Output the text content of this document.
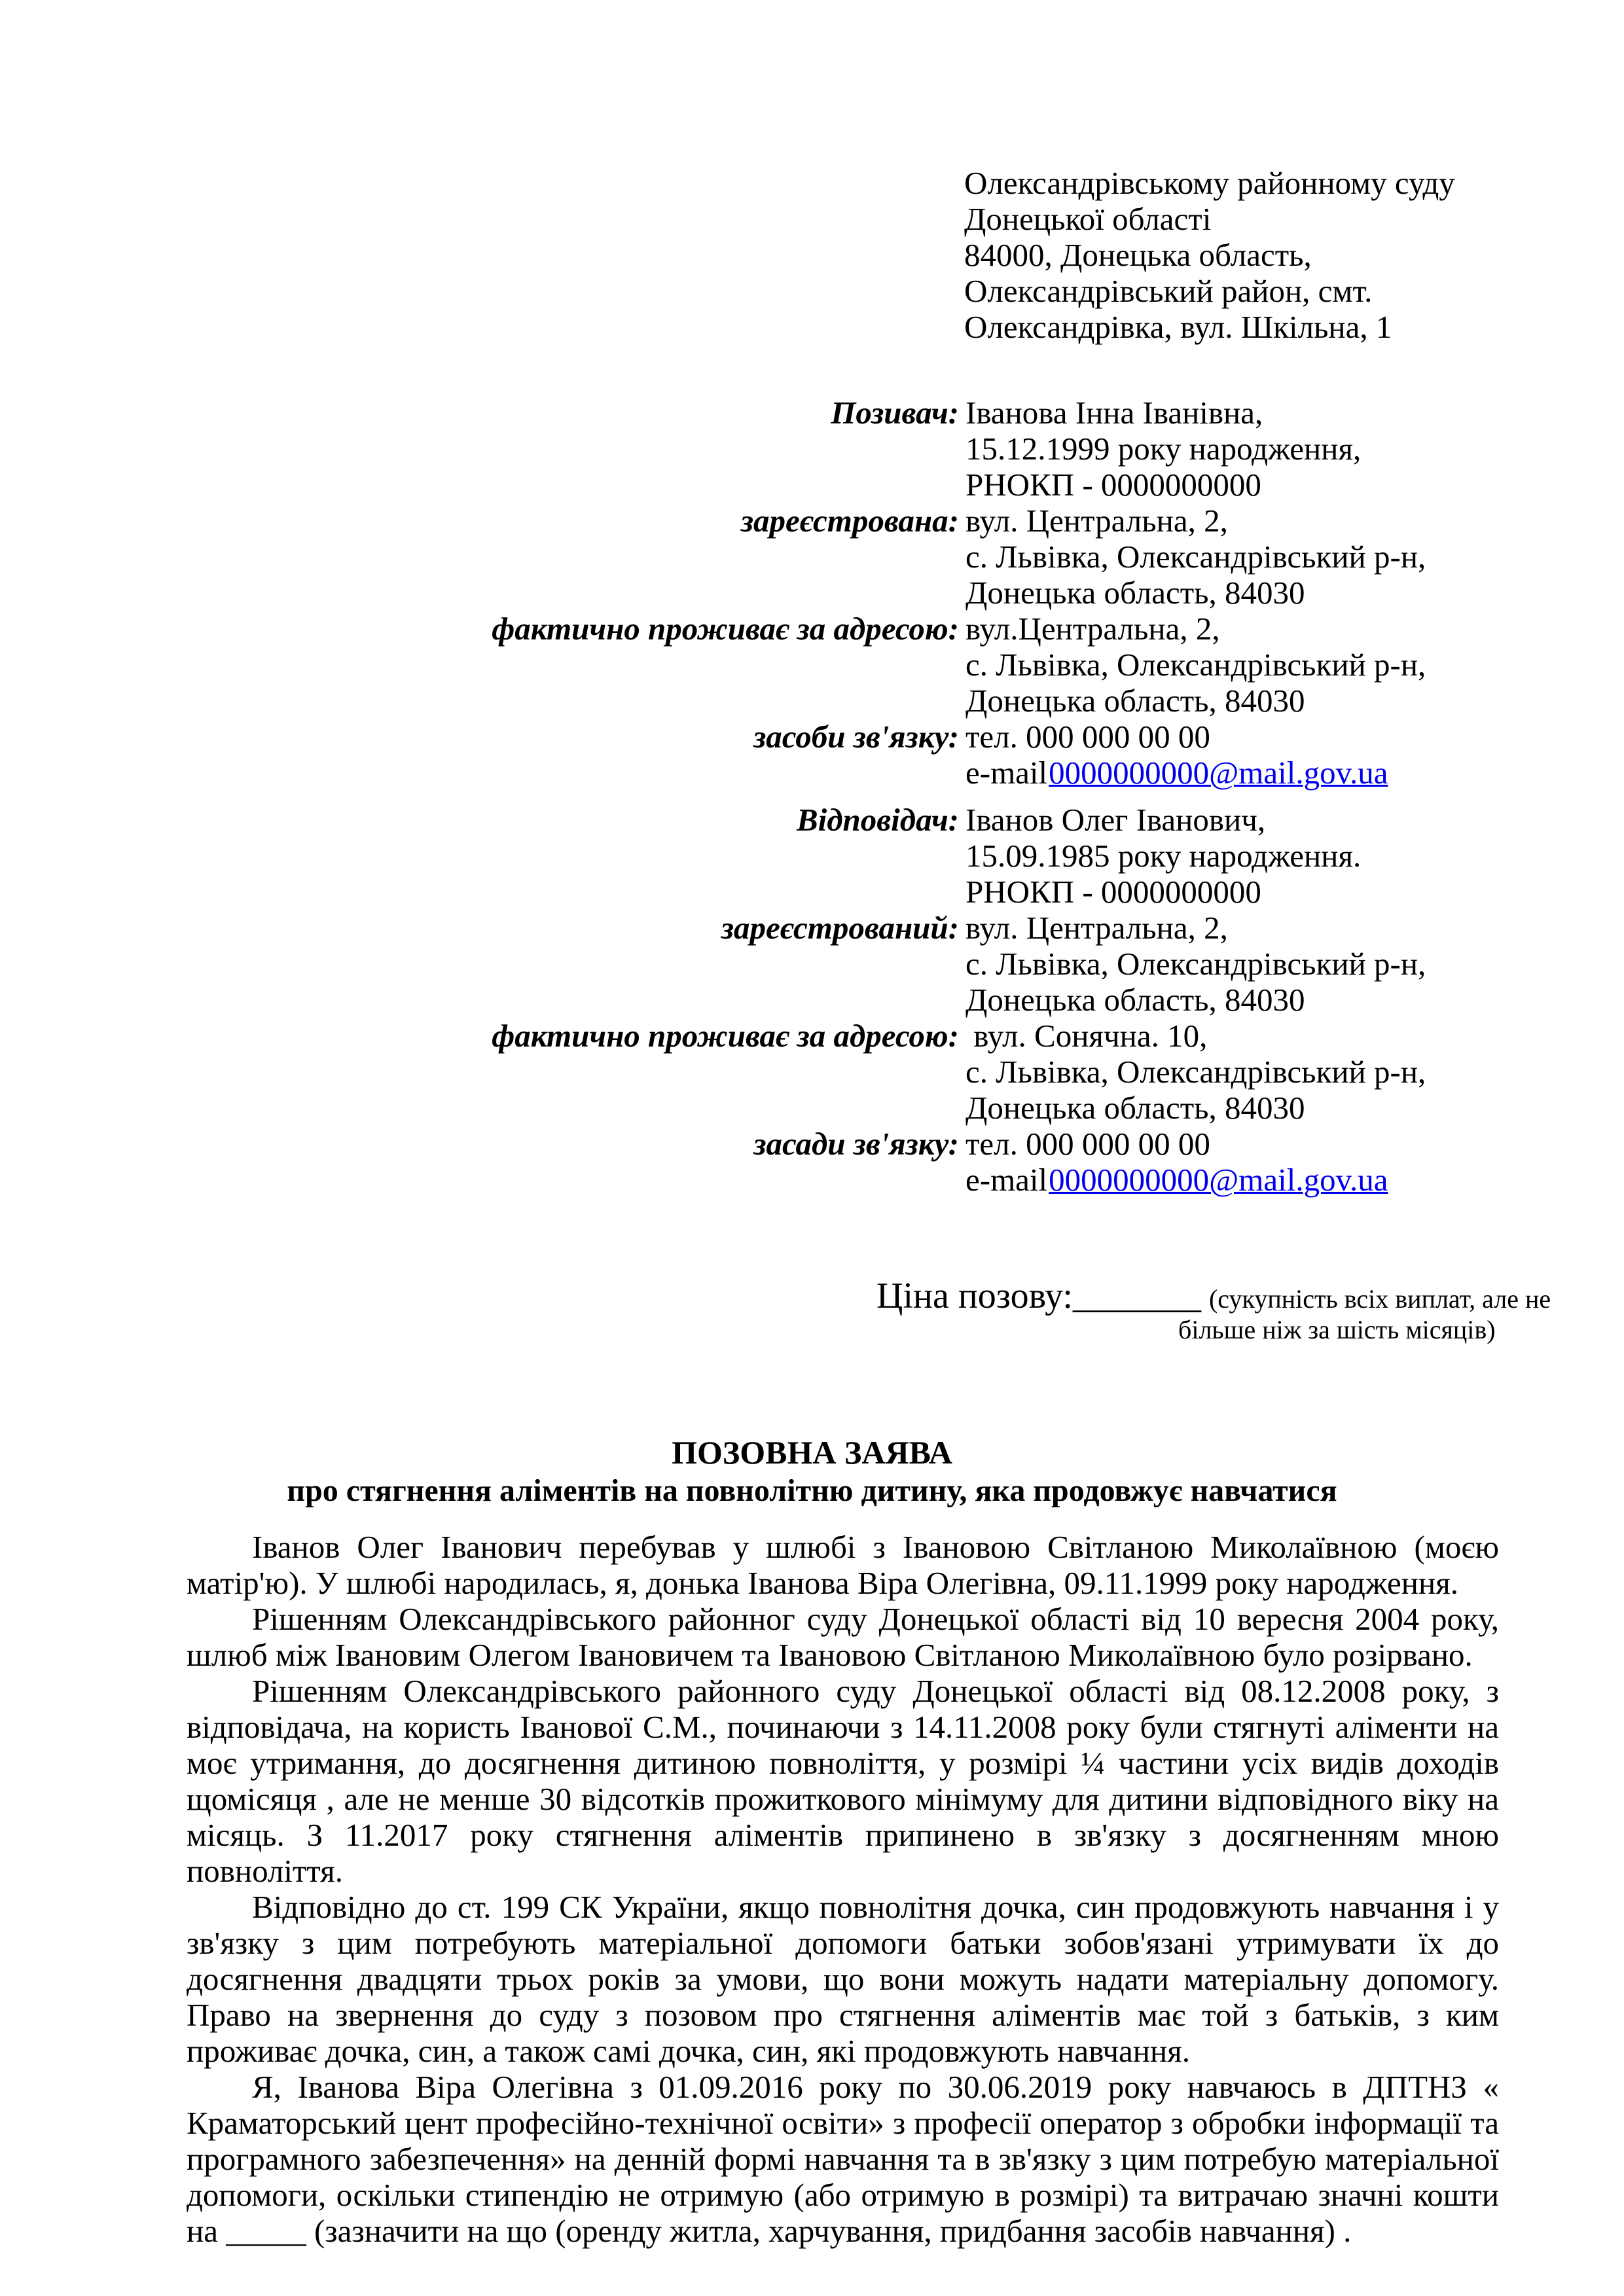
Олександрівському районному суду
Донецької області
84000, Донецька область,
Олександрівський район, смт.
Олександрівка, вул. Шкільна, 1
Позивач: Іванова Інна Іванівна,
15.12.1999 року народження,
РНОКП - 0000000000
зареєстрована: вул. Центральна, 2,
с. Львівка, Олександрівський р-н,
Донецька область, 84030
фактично проживає за адресою: вул.Центральна, 2,
с. Львівка, Олександрівський р-н,
Донецька область, 84030
засоби зв'язку: тел. 000 000 00 00
e-mail 0000000000@mail.gov.ua
Відповідач: Іванов Олег Іванович,
15.09.1985 року народження.
РНОКП - 0000000000
зареєстрований: вул. Центральна, 2,
с. Львівка, Олександрівський р-н,
Донецька область, 84030
фактично проживає за адресою: вул. Сонячна. 10,
с. Львівка, Олександрівський р-н,
Донецька область, 84030
засади зв'язку: тел. 000 000 00 00
e-mail 0000000000@mail.gov.ua

Ціна позову:_______ (сукупність всіх виплат, але не

більше ніж за шість місяців)
ПОЗОВНА ЗАЯВА
про стягнення аліментів на повнолітню дитину, яка продовжує навчатися

Іванов Олег Іванович перебував у шлюбі з Івановою Світланою Миколаївною (моєю матір'ю). У шлюбі народилась, я, донька Іванова Віра Олегівна, 09.11.1999 року народження.

Рішенням Олександрівського районног суду Донецької області від 10 вересня 2004 року, шлюб між Івановим Олегом Івановичем та Івановою Світланою Миколаївною було розірвано.

Рішенням Олександрівського районного суду Донецької області від 08.12.2008 року, з відповідача, на користь Іванової С.М., починаючи з 14.11.2008 року були стягнуті аліменти на моє утримання, до досягнення дитиною повноліття, у розмірі ¼ частини усіх видів доходів щомісяця , але не менше 30 відсотків прожиткового мінімуму для дитини відповідного віку на місяць. З 11.2017 року стягнення аліментів припинено в зв'язку з досягненням мною повноліття.

Відповідно до ст. 199 СК України, якщо повнолітня дочка, син продовжують навчання і у зв'язку з цим потребують матеріальної допомоги батьки зобов'язані утримувати їх до досягнення двадцяти трьох років за умови, що вони можуть надати матеріальну допомогу. Право на звернення до суду з позовом про стягнення аліментів має той з батьків, з ким проживає дочка, син, а також самі дочка, син, які продовжують навчання.

Я, Іванова Віра Олегівна з 01.09.2016 року по 30.06.2019 року навчаюсь в ДПТНЗ « Краматорський цент професійно-технічної освіти» з професії оператор з обробки інформації та програмного забезпечення» на денній формі навчання та в зв'язку з цим потребую матеріальної допомоги, оскільки стипендію не отримую (або отримую в розмірі) та витрачаю значні кошти на _____ (зазначити на що (оренду житла, харчування, придбання засобів навчання) .
